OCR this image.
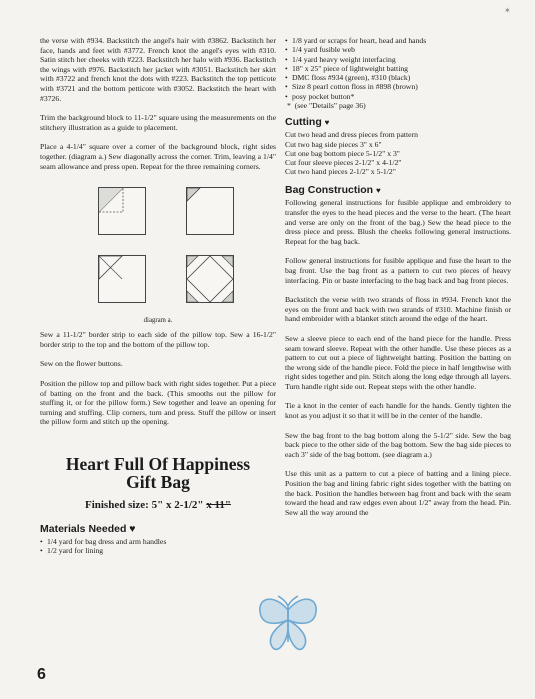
✶

the verse with #934. Backstitch the angel's hair with #3862. Backstitch her face, hands and feet with #3772. French knot the angel's eyes with #310. Satin stitch her cheeks with #223. Backstitch her halo with #936. Backstitch the wings with #976. Backstitch her jacket with #3051. Backstitch her skirt with #3722 and french knot the dots with #223. Backstitch the top petticote with #3721 and the bottom petticote with #3052. Backstitch the heart with #3726.

Trim the background block to 11-1/2" square using the measurements on the stitchery illustration as a guide to placement.

Place a 4-1/4" square over a corner of the background block, right sides together. (diagram a.) Sew diagonally across the corner. Trim, leaving a 1/4" seam allowance and press open. Repeat for the three remaining corners.

diagram a.

Sew a 11-1/2" border strip to each side of the pillow top. Sew a 16-1/2" border strip to the top and the bottom of the pillow top.

Sew on the flower buttons.

Position the pillow top and pillow back with right sides together. Put a piece of batting on the front and the back. (This smooths out the pillow for stuffing it, or for the pillow form.) Sew together and leave an opening for turning and stuffing. Clip corners, turn and press. Stuff the pillow or insert the pillow form and stitch up the opening.

Heart Full Of Happiness
Gift Bag
Finished size: 5" x 2-1/2" x 11"
Materials Needed ♥
• 1/4 yard for bag dress and arm handles
• 1/2 yard for lining
• 1/8 yard or scraps for heart, head and hands
• 1/4 yard fusible web
• 1/4 yard heavy weight interfacing
• 18" x 25" piece of lightweight batting
• DMC floss #934 (green), #310 (black)
• Size 8 pearl cotton floss in #898 (brown)
• posy pocket button*
*  (see "Details" page 36)
Cutting ♥
Cut two head and dress pieces from pattern
Cut two bag side pieces 3" x 6"
Cut one bag bottom piece 5-1/2" x 3"
Cut four sleeve pieces 2-1/2" x 4-1/2"
Cut two hand pieces 2-1/2" x 5-1/2"
Bag Construction ♥

Following general instructions for fusible applique and embroidery to transfer the eyes to the head pieces and the verse to the heart. (The heart and verse are only on the front of the bag.) Sew the head piece to the dress piece and press. Blush the cheeks following general instructions. Repeat for the bag back.

Follow general instructions for fusible applique and fuse the heart to the bag front. Use the bag front as a pattern to cut two pieces of heavy interfacing. Pin or baste interfacing to the bag back and bag front pieces.

Backstitch the verse with two strands of floss in #934. French knot the eyes on the front and back with two strands of #310. Machine finish or hand embroider with a blanket stitch around the edge of the heart.

Sew a sleeve piece to each end of the hand piece for the handle. Press seam toward sleeve. Repeat with the other handle. Use these pieces as a pattern to cut out a piece of lightweight batting. Position the batting on the wrong side of the handle piece. Fold the piece in half lengthwise with right sides together and pin. Stitch along the long edge through all layers. Turn handle right side out. Repeat steps with the other handle.

Tie a knot in the center of each handle for the hands. Gently tighten the knot as you adjust it so that it will be in the center of the handle.

Sew the bag front to the bag bottom along the 5-1/2" side. Sew the bag back piece to the other side of the bag bottom. Sew the bag side pieces to each 3" side of the bag bottom. (see diagram a.)

Use this unit as a pattern to cut a piece of batting and a lining piece. Position the bag and lining fabric right sides together with the batting on the back. Position the handles between bag front and back with the seam toward the head and raw edges even about 1/2" away from the head. Pin. Sew all the way around the

6
